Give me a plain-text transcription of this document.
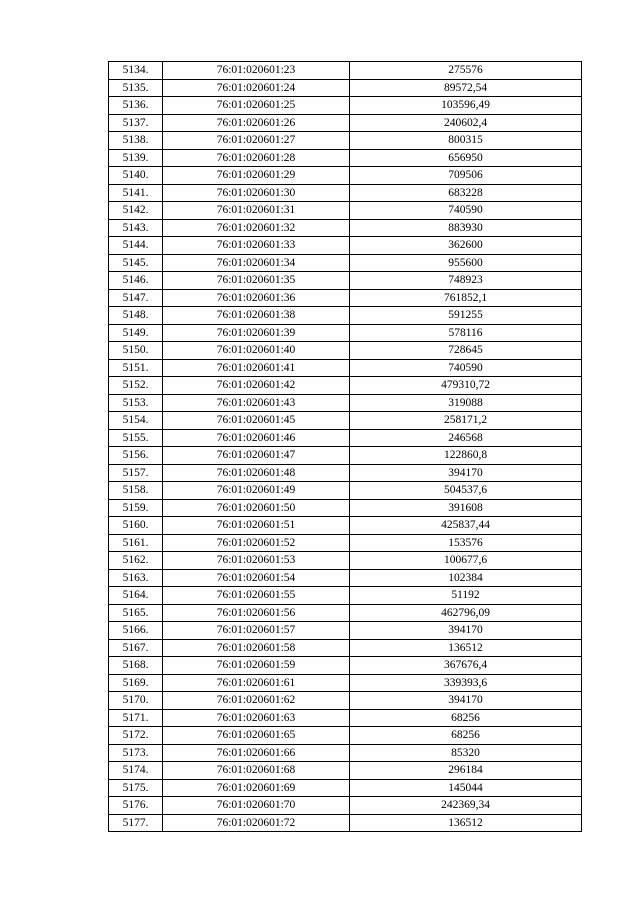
5134.	76:01:020601:23	275576
5135.	76:01:020601:24	89572,54
5136.	76:01:020601:25	103596,49
5137.	76:01:020601:26	240602,4
5138.	76:01:020601:27	800315
5139.	76:01:020601:28	656950
5140.	76:01:020601:29	709506
5141.	76:01:020601:30	683228
5142.	76:01:020601:31	740590
5143.	76:01:020601:32	883930
5144.	76:01:020601:33	362600
5145.	76:01:020601:34	955600
5146.	76:01:020601:35	748923
5147.	76:01:020601:36	761852,1
5148.	76:01:020601:38	591255
5149.	76:01:020601:39	578116
5150.	76:01:020601:40	728645
5151.	76:01:020601:41	740590
5152.	76:01:020601:42	479310,72
5153.	76:01:020601:43	319088
5154.	76:01:020601:45	258171,2
5155.	76:01:020601:46	246568
5156.	76:01:020601:47	122860,8
5157.	76:01:020601:48	394170
5158.	76:01:020601:49	504537,6
5159.	76:01:020601:50	391608
5160.	76:01:020601:51	425837,44
5161.	76:01:020601:52	153576
5162.	76:01:020601:53	100677,6
5163.	76:01:020601:54	102384
5164.	76:01:020601:55	51192
5165.	76:01:020601:56	462796,09
5166.	76:01:020601:57	394170
5167.	76:01:020601:58	136512
5168.	76:01:020601:59	367676,4
5169.	76:01:020601:61	339393,6
5170.	76:01:020601:62	394170
5171.	76:01:020601:63	68256
5172.	76:01:020601:65	68256
5173.	76:01:020601:66	85320
5174.	76:01:020601:68	296184
5175.	76:01:020601:69	145044
5176.	76:01:020601:70	242369,34
5177.	76:01:020601:72	136512
